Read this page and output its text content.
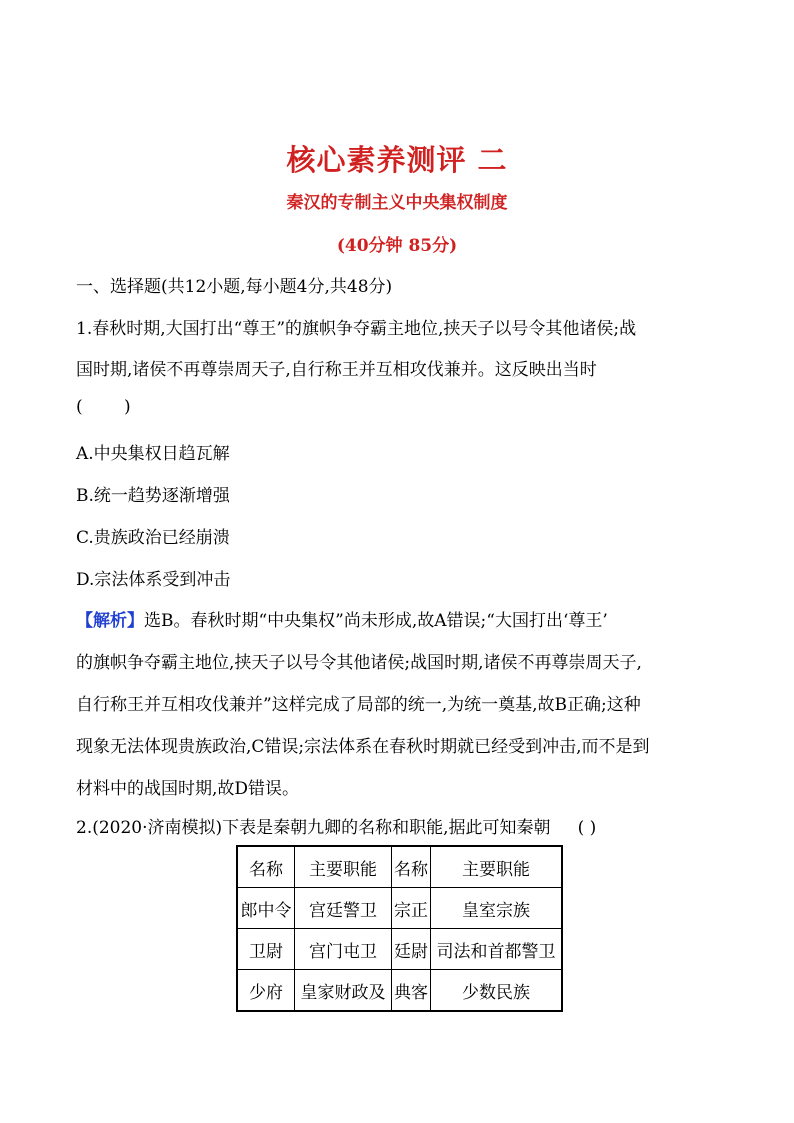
核心素养测评 二
秦汉的专制主义中央集权制度
(40分钟 85分)
一、选择题(共12小题,每小题4分,共48分)
1.春秋时期,大国打出“尊王”的旗帜争夺霸主地位,挟天子以号令其他诸侯;战
国时期,诸侯不再尊崇周天子,自行称王并互相攻伐兼并。这反映出当时
( )
A.中央集权日趋瓦解
B.统一趋势逐渐增强
C.贵族政治已经崩溃
D.宗法体系受到冲击
【解析】选B。春秋时期“中央集权”尚未形成,故A错误;“大国打出‘尊王’
的旗帜争夺霸主地位,挟天子以号令其他诸侯;战国时期,诸侯不再尊崇周天子,
自行称王并互相攻伐兼并”这样完成了局部的统一,为统一奠基,故B正确;这种
现象无法体现贵族政治,C错误;宗法体系在春秋时期就已经受到冲击,而不是到
材料中的战国时期,故D错误。
2.(2020·济南模拟)下表是秦朝九卿的名称和职能,据此可知秦朝 ( )
名称	主要职能	名称	主要职能
郎中令	宫廷警卫	宗正	皇室宗族
卫尉	宫门屯卫	廷尉	司法和首都警卫
少府	皇家财政及	典客	少数民族
